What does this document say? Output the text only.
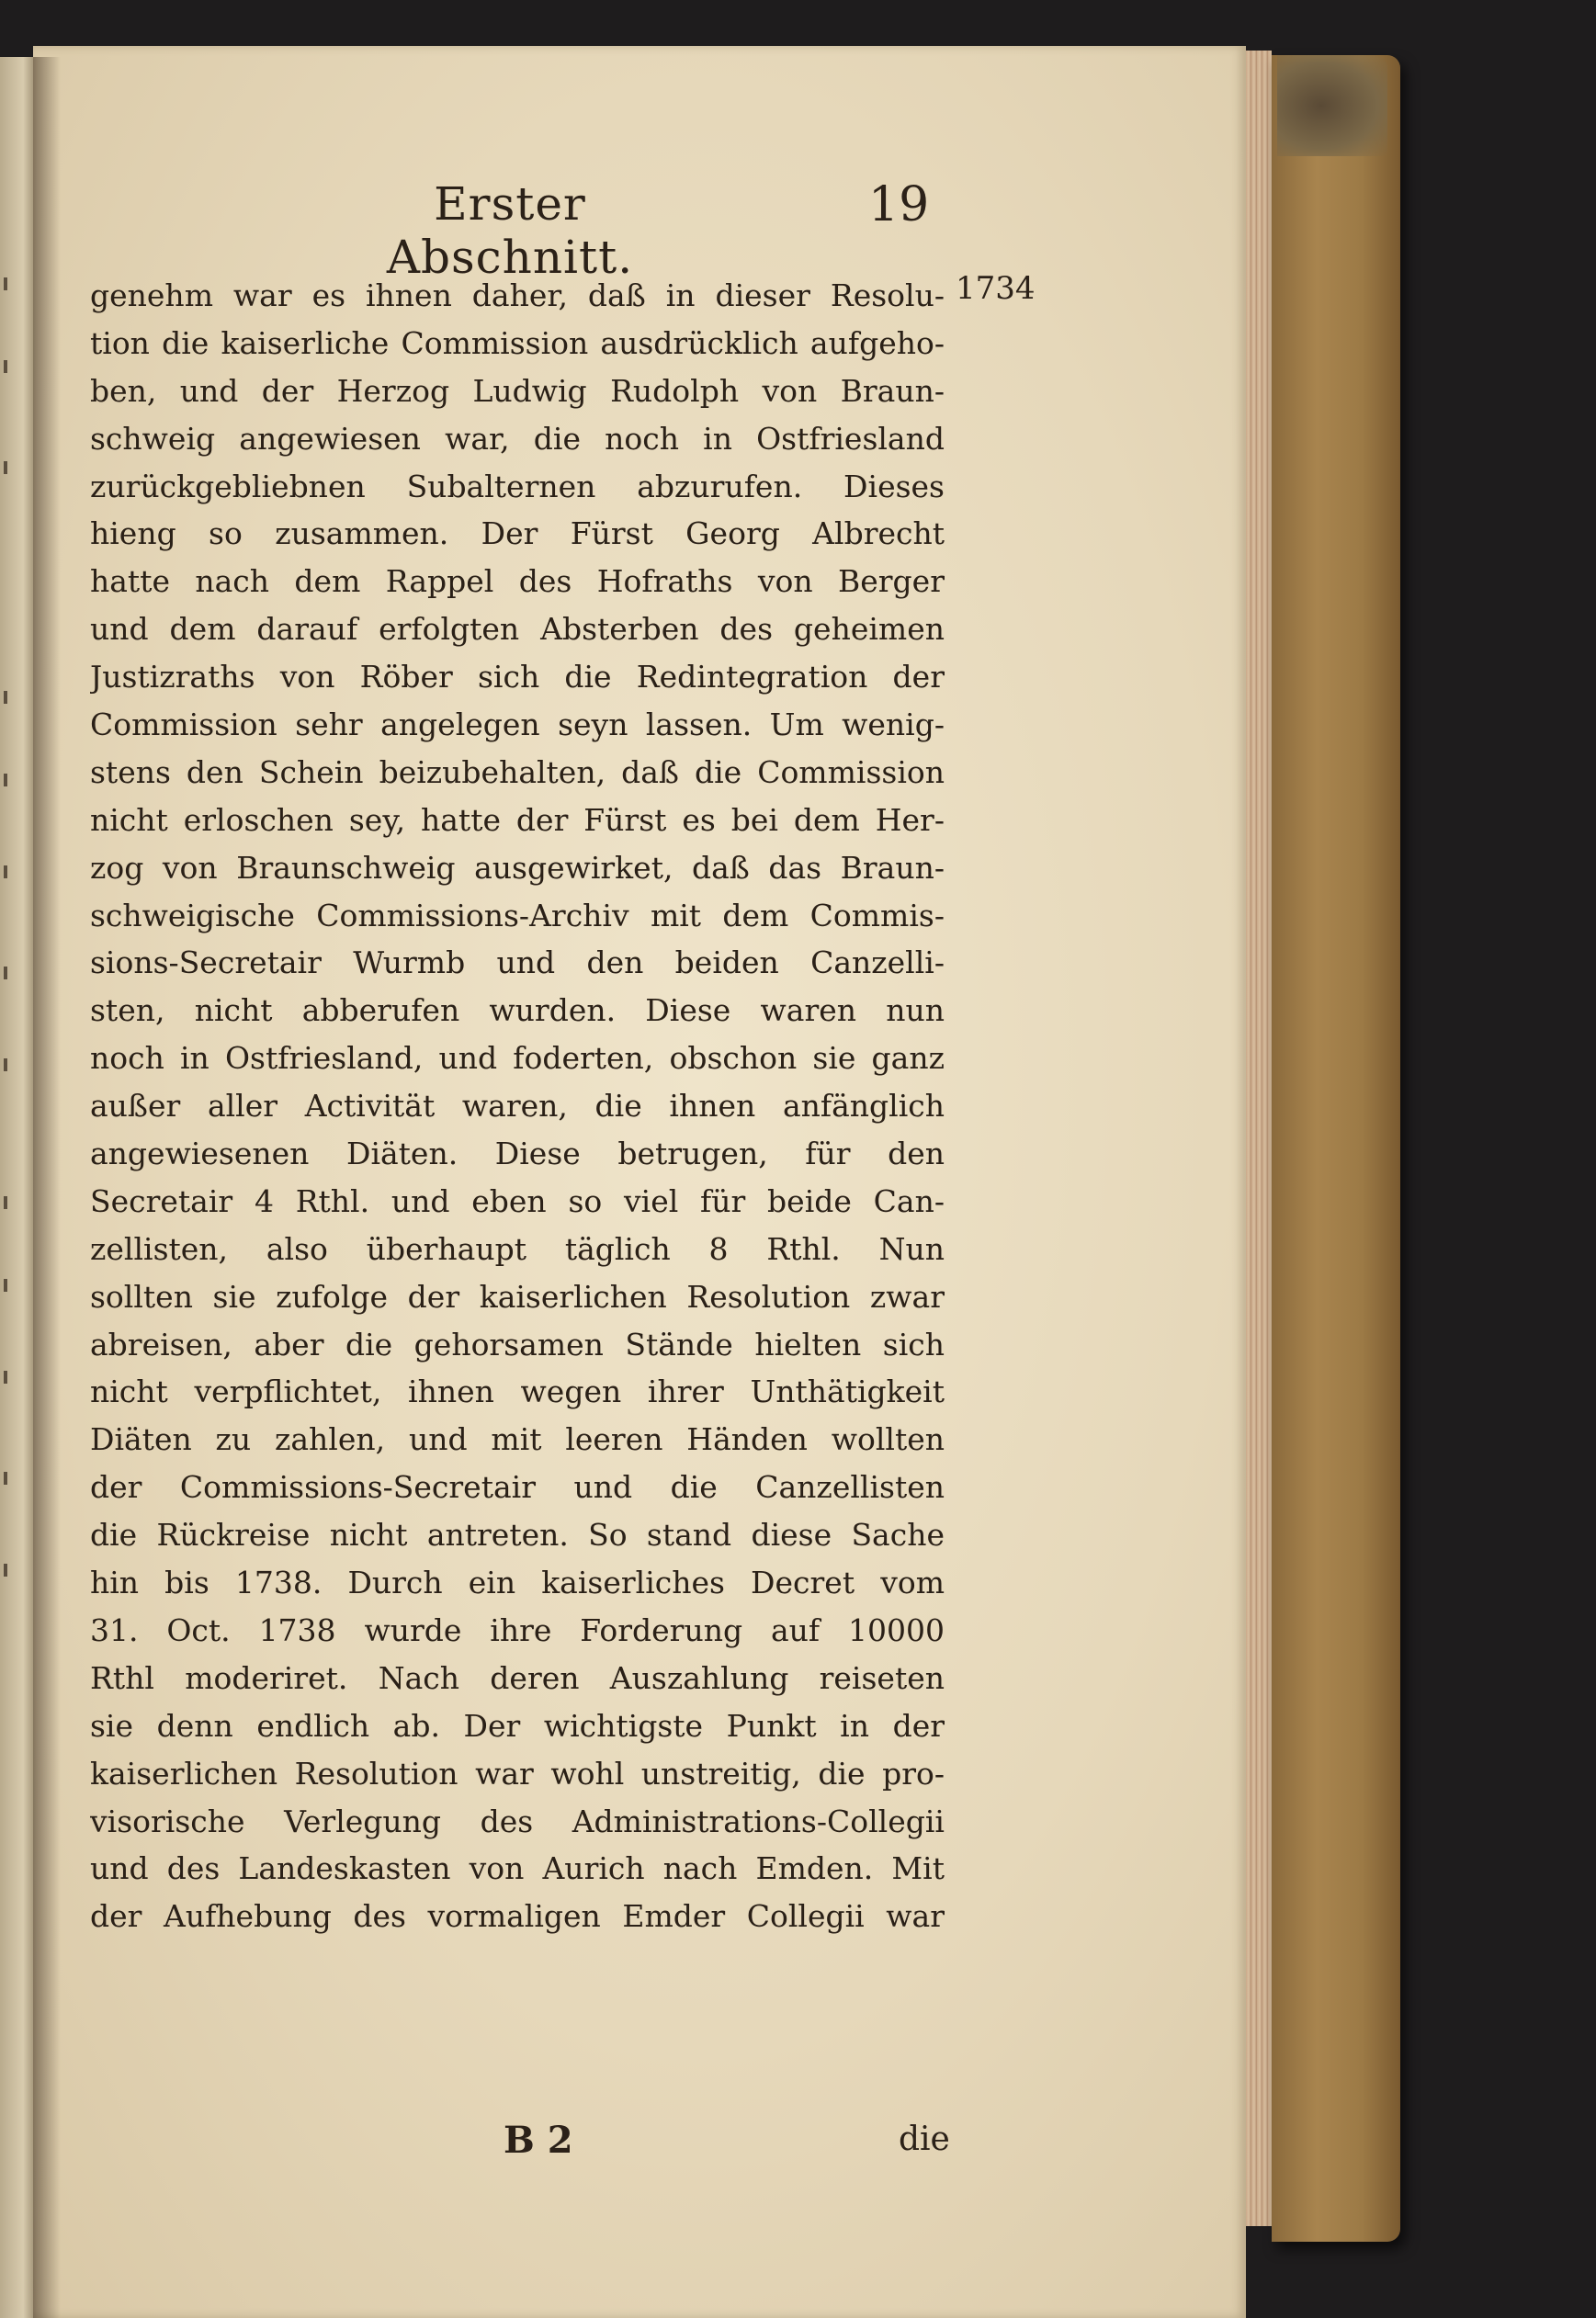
Erster Abschnitt.
19
1734
genehm war es ihnen daher, daß in dieser Resolu-
tion die kaiserliche Commission ausdrücklich aufgeho-
ben, und der Herzog Ludwig Rudolph von Braun-
schweig angewiesen war, die noch in Ostfriesland
zurückgebliebnen Subalternen abzurufen. Dieses
hieng so zusammen. Der Fürst Georg Albrecht
hatte nach dem Rappel des Hofraths von Berger
und dem darauf erfolgten Absterben des geheimen
Justizraths von Röber sich die Redintegration der
Commission sehr angelegen seyn lassen. Um wenig-
stens den Schein beizubehalten, daß die Commission
nicht erloschen sey, hatte der Fürst es bei dem Her-
zog von Braunschweig ausgewirket, daß das Braun-
schweigische Commissions-Archiv mit dem Commis-
sions-Secretair Wurmb und den beiden Canzelli-
sten, nicht abberufen wurden. Diese waren nun
noch in Ostfriesland, und foderten, obschon sie ganz
außer aller Activität waren, die ihnen anfänglich
angewiesenen Diäten. Diese betrugen, für den
Secretair 4 Rthl. und eben so viel für beide Can-
zellisten, also überhaupt täglich 8 Rthl. Nun
sollten sie zufolge der kaiserlichen Resolution zwar
abreisen, aber die gehorsamen Stände hielten sich
nicht verpflichtet, ihnen wegen ihrer Unthätigkeit
Diäten zu zahlen, und mit leeren Händen wollten
der Commissions-Secretair und die Canzellisten
die Rückreise nicht antreten. So stand diese Sache
hin bis 1738. Durch ein kaiserliches Decret vom
31. Oct. 1738 wurde ihre Forderung auf 10000
Rthl moderiret. Nach deren Auszahlung reiseten
sie denn endlich ab. Der wichtigste Punkt in der
kaiserlichen Resolution war wohl unstreitig, die pro-
visorische Verlegung des Administrations-Collegii
und des Landeskasten von Aurich nach Emden. Mit
der Aufhebung des vormaligen Emder Collegii war
B 2	die
